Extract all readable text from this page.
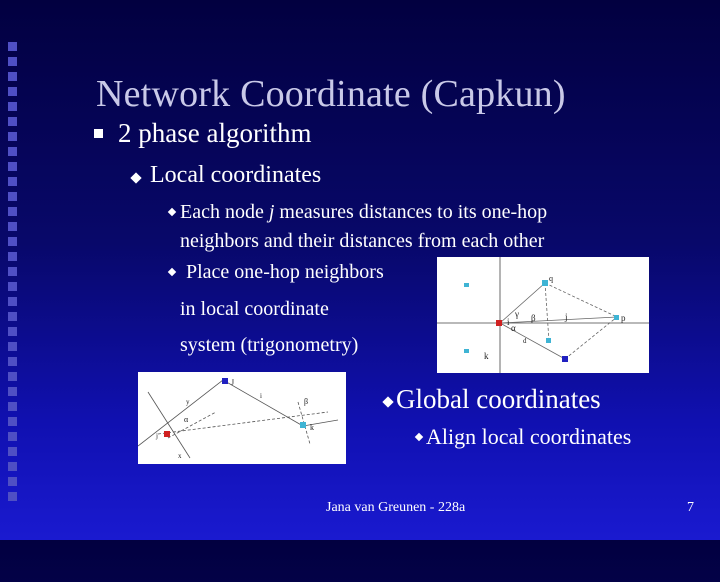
Network Coordinate (Capkun)
2 phase algorithm
Local coordinates
Each node j measures distances to its one-hop
neighbors and their distances from each other
Place one-hop neighbors
in local coordinate
system (trigonometry)
q
i	j	p
k
α
β
γ
d
J
j
i
k
α
β
x
y	Global coordinates
Align local coordinates
Jana van Greunen - 228a	7
